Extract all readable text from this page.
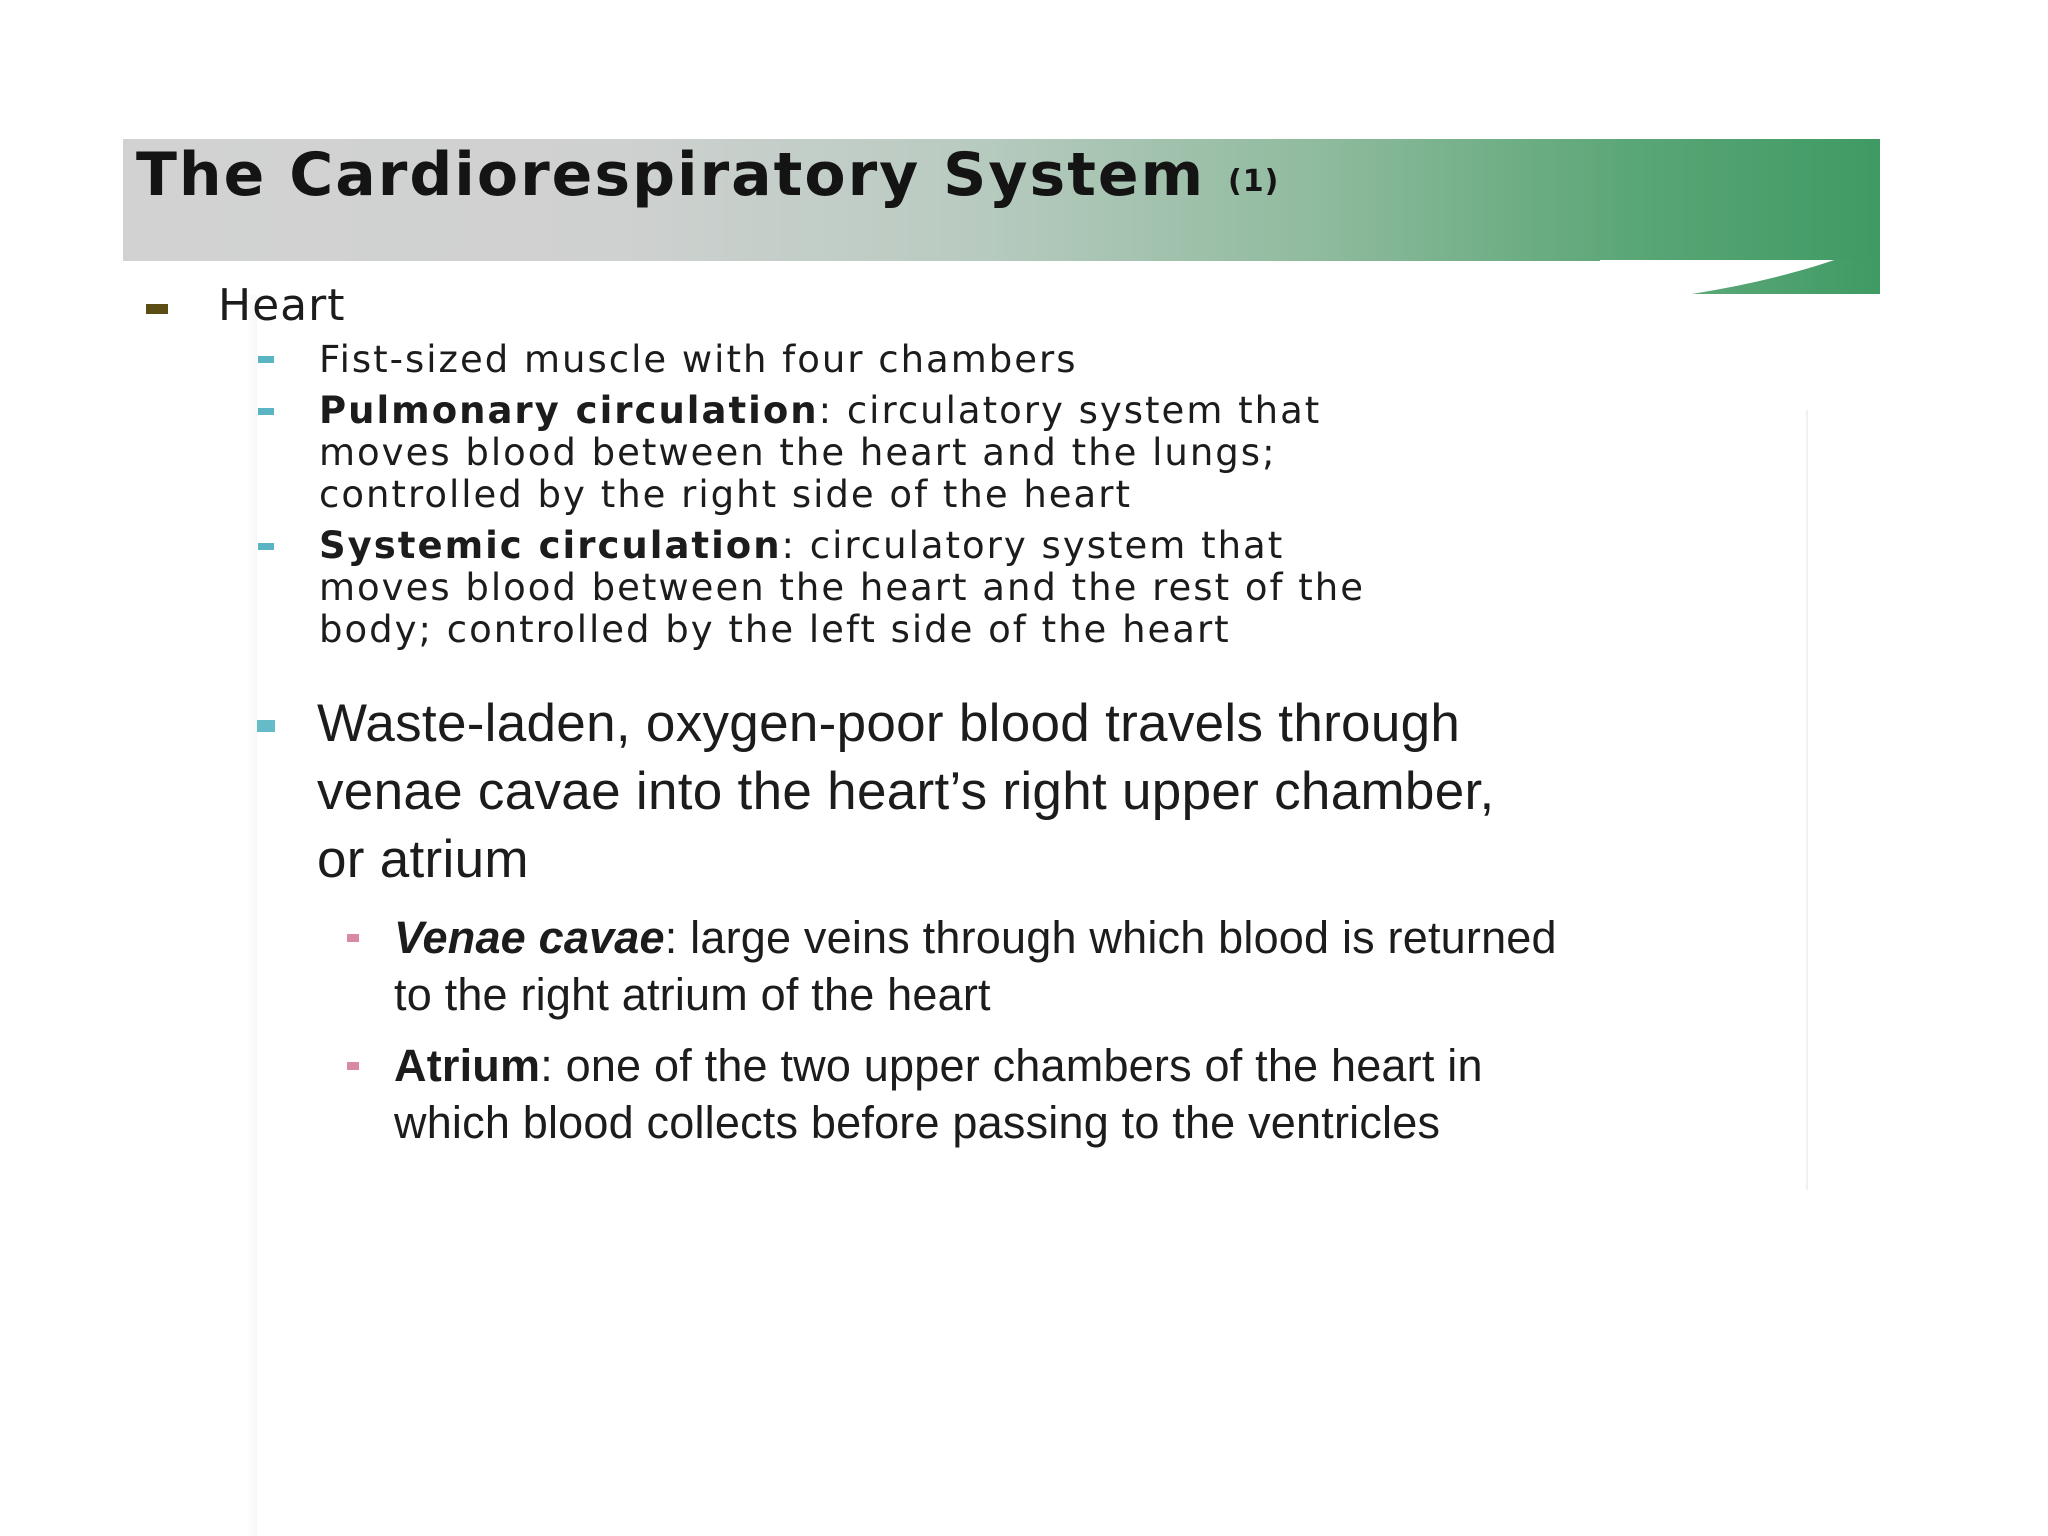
The Cardiorespiratory System (1)

Heart

Fist-sized muscle with four chambers

Pulmonary circulation: circulatory system that

moves blood between the heart and the lungs;

controlled by the right side of the heart

Systemic circulation: circulatory system that

moves blood between the heart and the rest of the

body; controlled by the left side of the heart

Waste-laden, oxygen-poor blood travels through

venae cavae into the heart’s right upper chamber,

or atrium

Venae cavae: large veins through which blood is returned

to the right atrium of the heart

Atrium: one of the two upper chambers of the heart in

which blood collects before passing to the ventricles
